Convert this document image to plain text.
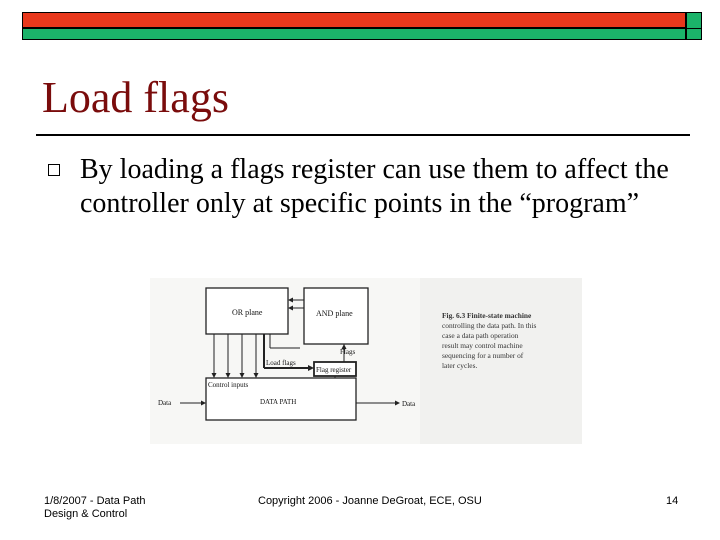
Load flags
By loading a flags register can use them to affect the controller only at specific points in the “program”
OR plane	AND plane
Load flags
Flags
Flag register
Control inputs
DATA PATH
Data	Data
Fig. 6.3 Finite-state machine
controlling the data path. In this
case a data path operation
result may control machine
sequencing for a number of
later cycles.
1/8/2007 - Data Path
Design & Control
Copyright 2006 - Joanne DeGroat, ECE, OSU	14
